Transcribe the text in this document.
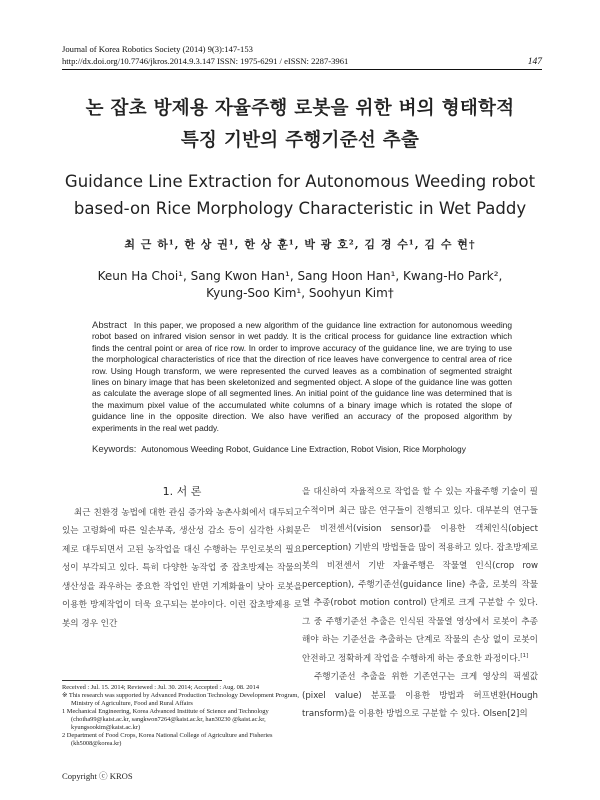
Journal of Korea Robotics Society (2014) 9(3):147-153
http://dx.doi.org/10.7746/jkros.2014.9.3.147 ISSN: 1975-6291 / eISSN: 2287-3961	147
논 잡초 방제용 자율주행 로봇을 위한 벼의 형태학적
특징 기반의 주행기준선 추출
Guidance Line Extraction for Autonomous Weeding robot
based-on Rice Morphology Characteristic in Wet Paddy
최 근 하¹, 한 상 권¹, 한 상 훈¹, 박 광 호², 김 경 수¹, 김 수 현†
Keun Ha Choi¹, Sang Kwon Han¹, Sang Hoon Han¹, Kwang-Ho Park²,
Kyung-Soo Kim¹, Soohyun Kim†
Abstract In this paper, we proposed a new algorithm of the guidance line extraction for autonomous weeding robot based on infrared vision sensor in wet paddy. It is the critical process for guidance line extraction which finds the central point or area of rice row. In order to improve accuracy of the guidance line, we are trying to use the morphological characteristics of rice that the direction of rice leaves have convergence to central area of rice row. Using Hough transform, we were represented the curved leaves as a combination of segmented straight lines on binary image that has been skeletonized and segmented object. A slope of the guidance line was gotten as calculate the average slope of all segmented lines. An initial point of the guidance line was determined that is the maximum pixel value of the accumulated white columns of a binary image which is rotated the slope of guidance line in the opposite direction. We also have verified an accuracy of the proposed algorithm by experiments in the real wet paddy.
Keywords: Autonomous Weeding Robot, Guidance Line Extraction, Robot Vision, Rice Morphology
1. 서 론

최근 친환경 농법에 대한 관심 증가와 농촌사회에서 대두되고 있는 고령화에 따른 일손부족, 생산성 감소 등이 심각한 사회문제로 대두되면서 고된 농작업을 대신 수행하는 무인로봇의 필요성이 부각되고 있다. 특히 다양한 농작업 중 잡초방제는 작물의 생산성을 좌우하는 중요한 작업인 반면 기계화율이 낮아 로봇을 이용한 방제작업이 더욱 요구되는 분야이다. 이런 잡초방제용 로봇의 경우 인간

을 대신하여 자율적으로 작업을 할 수 있는 자율주행 기술이 필수적이며 최근 많은 연구들이 진행되고 있다. 대부분의 연구들은 비전센서(vision sensor)를 이용한 객체인식(object perception) 기반의 방법들을 많이 적용하고 있다. 잡초방제로봇의 비전센서 기반 자율주행은 작물열 인식(crop row perception), 주행기준선(guidance line) 추출, 로봇의 작물열 추종(robot motion control) 단계로 크게 구분할 수 있다. 그 중 주행기준선 추출은 인식된 작물열 영상에서 로봇이 추종해야 하는 기준선을 추출하는 단계로 작물의 손상 없이 로봇이 안전하고 정확하게 작업을 수행하게 하는 중요한 과정이다.[1]

주행기준선 추출을 위한 기존연구는 크게 영상의 픽셀값(pixel value) 분포를 이용한 방법과 허프변환(Hough transform)을 이용한 방법으로 구분할 수 있다. Olsen[2]의

Received : Jul. 15. 2014; Reviewed : Jul. 30. 2014; Accepted : Aug. 08. 2014
※ This research was supported by Advanced Production Technology Development Program, Ministry of Agriculture, Food and Rural Affairs
1 Mechanical Engineering, Korea Advanced Institute of Science and Technology (choiha99@kaist.ac.kr, sangkwon7264@kaist.ac.kr, han30230 @kaist.ac.kr, kyungsookim@kaist.ac.kr)
2 Department of Food Crops, Korea National College of Agriculture and Fisheries (kh5008@korea.kr)
Copyright ⓒ KROS
